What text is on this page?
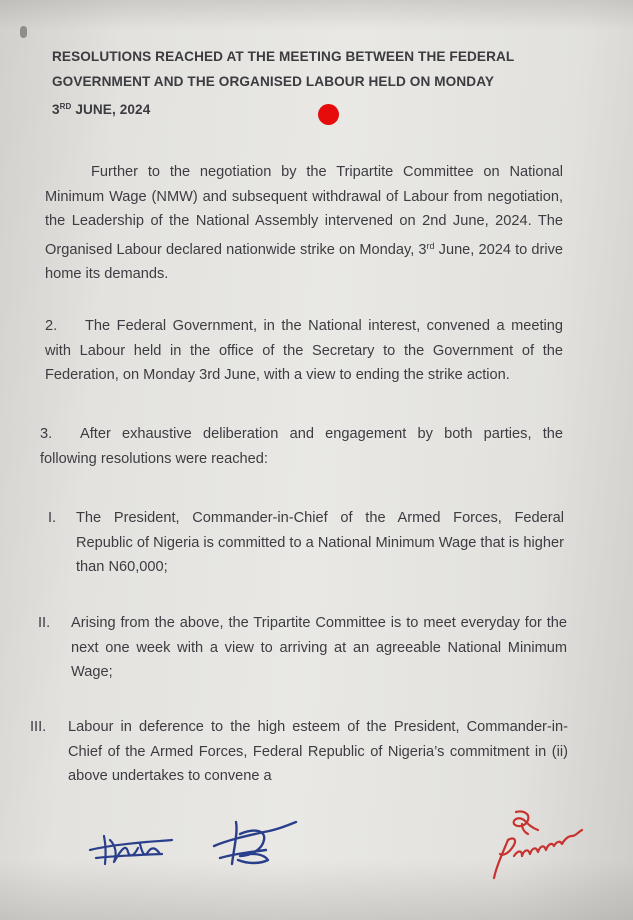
RESOLUTIONS REACHED AT THE MEETING BETWEEN THE FEDERAL
GOVERNMENT AND THE ORGANISED LABOUR HELD ON MONDAY
3RD JUNE, 2024
Further to the negotiation by the Tripartite Committee on National Minimum Wage (NMW) and subsequent withdrawal of Labour from negotiation, the Leadership of the National Assembly intervened on 2nd June, 2024. The Organised Labour declared nationwide strike on Monday, 3rd June, 2024 to drive home its demands.
2. The Federal Government, in the National interest, convened a meeting with Labour held in the office of the Secretary to the Government of the Federation, on Monday 3rd June, with a view to ending the strike action.
3. After exhaustive deliberation and engagement by both parties, the following resolutions were reached:
I. The President, Commander-in-Chief of the Armed Forces, Federal Republic of Nigeria is committed to a National Minimum Wage that is higher than N60,000;
II. Arising from the above, the Tripartite Committee is to meet everyday for the next one week with a view to arriving at an agreeable National Minimum Wage;
III. Labour in deference to the high esteem of the President, Commander-in-Chief of the Armed Forces, Federal Republic of Nigeria’s commitment in (ii) above undertakes to convene a
